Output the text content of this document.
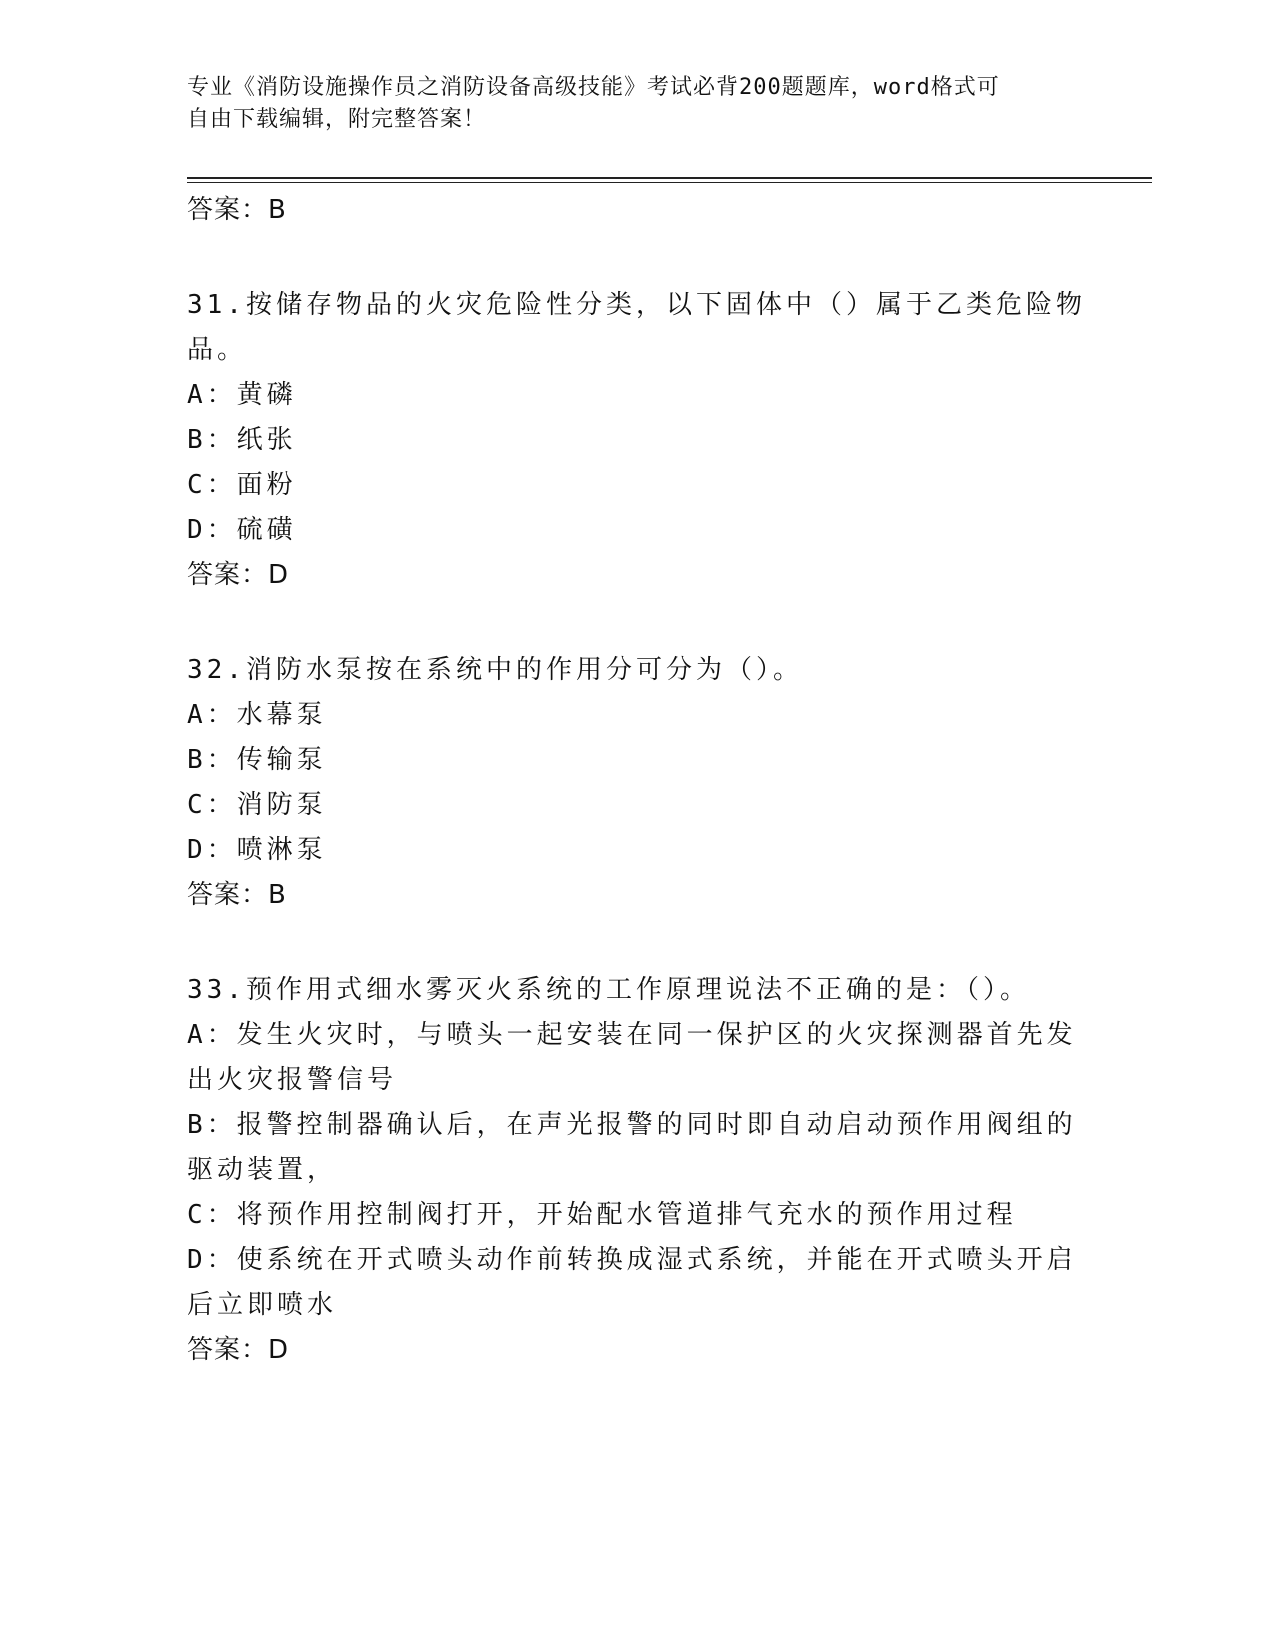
专业《消防设施操作员之消防设备高级技能》考试必背200题题库，word格式可
自由下载编辑，附完整答案！

答案：B

31.按储存物品的火灾危险性分类，以下固体中（）属于乙类危险物品。

A：黄磷

B：纸张

C：面粉

D：硫磺

答案：D

32.消防水泵按在系统中的作用分可分为（）。

A：水幕泵

B：传输泵

C：消防泵

D：喷淋泵

答案：B

33.预作用式细水雾灭火系统的工作原理说法不正确的是：（）。

A：发生火灾时，与喷头一起安装在同一保护区的火灾探测器首先发出火灾报警信号

B：报警控制器确认后，在声光报警的同时即自动启动预作用阀组的驱动装置，

C：将预作用控制阀打开，开始配水管道排气充水的预作用过程

D：使系统在开式喷头动作前转换成湿式系统，并能在开式喷头开启后立即喷水

答案：D
